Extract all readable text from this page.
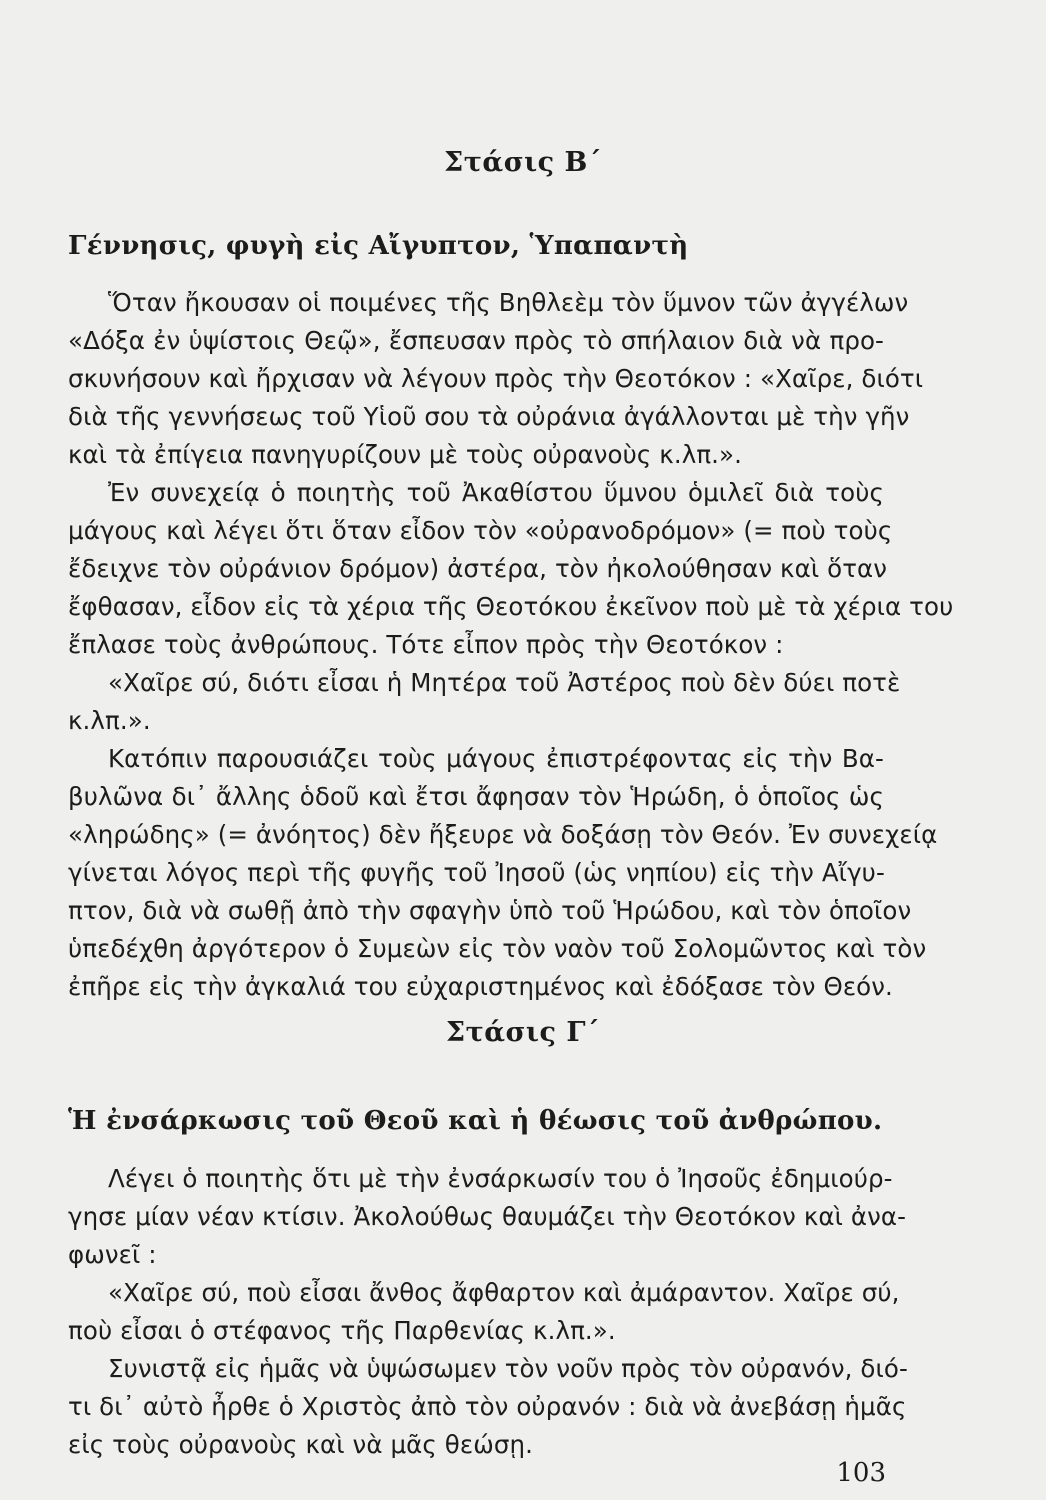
Στάσις Β΄
Γέννησις, φυγὴ εἰς Αἴγυπτον, Ὑπαπαντὴ
Ὅταν ἤκουσαν οἱ ποιμένες τῆς Βηθλεὲμ τὸν ὕμνον τῶν ἀγγέλων
«Δόξα ἐν ὑψίστοις Θεῷ», ἔσπευσαν πρὸς τὸ σπήλαιον διὰ νὰ προ-
σκυνήσουν καὶ ἤρχισαν νὰ λέγουν πρὸς τὴν Θεοτόκον : «Χαῖρε, διότι
διὰ τῆς γεννήσεως τοῦ Υἱοῦ σου τὰ οὐράνια ἀγάλλονται μὲ τὴν γῆν
καὶ τὰ ἐπίγεια πανηγυρίζουν μὲ τοὺς οὐρανοὺς κ.λπ.».
Ἐν συνεχείᾳ ὁ ποιητὴς τοῦ Ἀκαθίστου ὕμνου ὁμιλεῖ διὰ τοὺς
μάγους καὶ λέγει ὅτι ὅταν εἶδον τὸν «οὐρανοδρόμον» (= ποὺ τοὺς
ἔδειχνε τὸν οὐράνιον δρόμον) ἀστέρα, τὸν ἠκολούθησαν καὶ ὅταν
ἔφθασαν, εἶδον εἰς τὰ χέρια τῆς Θεοτόκου ἐκεῖνον ποὺ μὲ τὰ χέρια του
ἔπλασε τοὺς ἀνθρώπους. Τότε εἶπον πρὸς τὴν Θεοτόκον :
«Χαῖρε σύ, διότι εἶσαι ἡ Μητέρα τοῦ Ἀστέρος ποὺ δὲν δύει ποτὲ
κ.λπ.».
Κατόπιν παρουσιάζει τοὺς μάγους ἐπιστρέφοντας εἰς τὴν Βα-
βυλῶνα δι᾽ ἄλλης ὁδοῦ καὶ ἔτσι ἄφησαν τὸν Ἡρώδη, ὁ ὁποῖος ὡς
«ληρώδης» (= ἀνόητος) δὲν ἤξευρε νὰ δοξάσῃ τὸν Θεόν. Ἐν συνεχείᾳ
γίνεται λόγος περὶ τῆς φυγῆς τοῦ Ἰησοῦ (ὡς νηπίου) εἰς τὴν Αἴγυ-
πτον, διὰ νὰ σωθῇ ἀπὸ τὴν σφαγὴν ὑπὸ τοῦ Ἡρώδου, καὶ τὸν ὁποῖον
ὑπεδέχθη ἀργότερον ὁ Συμεὼν εἰς τὸν ναὸν τοῦ Σολομῶντος καὶ τὸν
ἐπῆρε εἰς τὴν ἀγκαλιά του εὐχαριστημένος καὶ ἐδόξασε τὸν Θεόν.
Στάσις Γ΄
Ἡ ἐνσάρκωσις τοῦ Θεοῦ καὶ ἡ θέωσις τοῦ ἀνθρώπου.
Λέγει ὁ ποιητὴς ὅτι μὲ τὴν ἐνσάρκωσίν του ὁ Ἰησοῦς ἐδημιούρ-
γησε μίαν νέαν κτίσιν. Ἀκολούθως θαυμάζει τὴν Θεοτόκον καὶ ἀνα-
φωνεῖ :
«Χαῖρε σύ, ποὺ εἶσαι ἄνθος ἄφθαρτον καὶ ἀμάραντον. Χαῖρε σύ,
ποὺ εἶσαι ὁ στέφανος τῆς Παρθενίας κ.λπ.».
Συνιστᾷ εἰς ἡμᾶς νὰ ὑψώσωμεν τὸν νοῦν πρὸς τὸν οὐρανόν, διό-
τι δι᾽ αὐτὸ ἦρθε ὁ Χριστὸς ἀπὸ τὸν οὐρανόν : διὰ νὰ ἀνεβάσῃ ἡμᾶς
εἰς τοὺς οὐρανοὺς καὶ νὰ μᾶς θεώσῃ.
103
